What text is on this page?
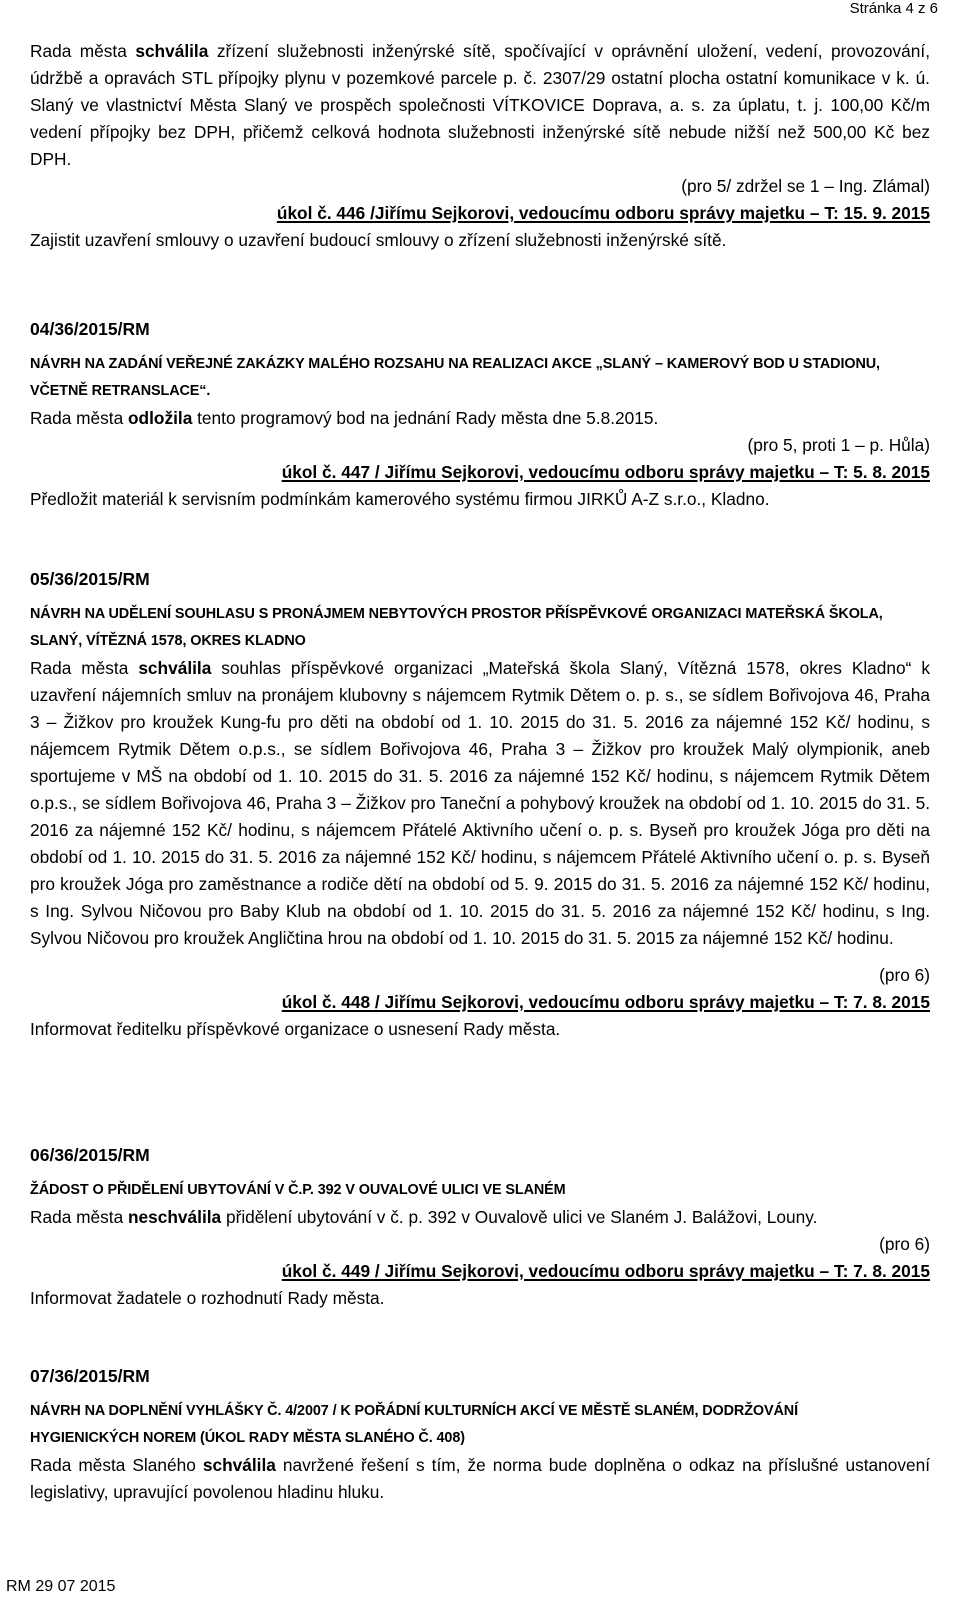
Stránka 4 z 6

Rada města schválila zřízení služebnosti inženýrské sítě, spočívající v oprávnění uložení, vedení, provozování, údržbě a opravách STL přípojky plynu v pozemkové parcele p. č. 2307/29 ostatní plocha ostatní komunikace v k. ú. Slaný ve vlastnictví Města Slaný ve prospěch společnosti VÍTKOVICE Doprava, a. s. za úplatu, t. j. 100,00 Kč/m vedení přípojky bez DPH, přičemž celková hodnota služebnosti inženýrské sítě nebude nižší než 500,00 Kč bez DPH.

(pro 5/ zdržel se 1 – Ing. Zlámal)

úkol č. 446 /Jiřímu Sejkorovi, vedoucímu odboru správy majetku – T: 15. 9. 2015

Zajistit uzavření smlouvy o uzavření budoucí smlouvy o zřízení služebnosti inženýrské sítě.

04/36/2015/RM

NÁVRH NA ZADÁNÍ VEŘEJNÉ ZAKÁZKY MALÉHO ROZSAHU NA REALIZACI AKCE „SLANÝ – KAMEROVÝ BOD U STADIONU,

VČETNĚ RETRANSLACE“.

Rada města odložila tento programový bod na jednání Rady města dne 5.8.2015.

(pro 5, proti 1 – p. Hůla)

úkol č. 447 / Jiřímu Sejkorovi, vedoucímu odboru správy majetku – T: 5. 8. 2015

Předložit materiál k servisním podmínkám kamerového systému firmou JIRKŮ A-Z s.r.o., Kladno.

05/36/2015/RM

NÁVRH NA UDĚLENÍ SOUHLASU S PRONÁJMEM NEBYTOVÝCH PROSTOR PŘÍSPĚVKOVÉ ORGANIZACI MATEŘSKÁ ŠKOLA,

SLANÝ, VÍTĚZNÁ 1578, OKRES KLADNO

Rada města schválila souhlas příspěvkové organizaci „Mateřská škola Slaný, Vítězná 1578, okres Kladno“ k uzavření nájemních smluv na pronájem klubovny s nájemcem Rytmik Dětem o. p. s., se sídlem Bořivojova 46, Praha 3 – Žižkov pro kroužek Kung-fu pro děti na období od 1. 10. 2015 do 31. 5. 2016 za nájemné 152 Kč/ hodinu, s nájemcem Rytmik Dětem o.p.s., se sídlem Bořivojova 46, Praha 3 – Žižkov pro kroužek Malý olympionik, aneb sportujeme v MŠ na období od 1. 10. 2015 do 31. 5. 2016 za nájemné 152 Kč/ hodinu, s nájemcem Rytmik Dětem o.p.s., se sídlem Bořivojova 46, Praha 3 – Žižkov pro Taneční a pohybový kroužek na období od 1. 10. 2015 do 31. 5. 2016 za nájemné 152 Kč/ hodinu, s nájemcem Přátelé Aktivního učení o. p. s. Byseň pro kroužek Jóga pro děti na období od 1. 10. 2015 do 31. 5. 2016 za nájemné 152 Kč/ hodinu, s nájemcem Přátelé Aktivního učení o. p. s. Byseň pro kroužek Jóga pro zaměstnance a rodiče dětí na období od 5. 9. 2015 do 31. 5. 2016 za nájemné 152 Kč/ hodinu, s Ing. Sylvou Ničovou pro Baby Klub na období od 1. 10. 2015 do 31. 5. 2016 za nájemné 152 Kč/ hodinu, s Ing. Sylvou Ničovou pro kroužek Angličtina hrou na období od 1. 10. 2015 do 31. 5. 2015 za nájemné 152 Kč/ hodinu.

(pro 6)

úkol č. 448 / Jiřímu Sejkorovi, vedoucímu odboru správy majetku – T: 7. 8. 2015

Informovat ředitelku příspěvkové organizace o usnesení Rady města.

06/36/2015/RM

ŽÁDOST O PŘIDĚLENÍ UBYTOVÁNÍ V Č.P. 392 V OUVALOVÉ ULICI VE SLANÉM

Rada města neschválila přidělení ubytování v č. p. 392 v Ouvalově ulici ve Slaném J. Balážovi, Louny.

(pro 6)

úkol č. 449 / Jiřímu Sejkorovi, vedoucímu odboru správy majetku – T: 7. 8. 2015

Informovat žadatele o rozhodnutí Rady města.

07/36/2015/RM

NÁVRH NA DOPLNĚNÍ VYHLÁŠKY Č. 4/2007 / K POŘÁDNÍ KULTURNÍCH AKCÍ VE MĚSTĚ SLANÉM, DODRŽOVÁNÍ

HYGIENICKÝCH NOREM (ÚKOL RADY MĚSTA SLANÉHO Č. 408)

Rada města Slaného schválila navržené řešení s tím, že norma bude doplněna o odkaz na příslušné ustanovení legislativy, upravující povolenou hladinu hluku.

RM 29 07 2015
